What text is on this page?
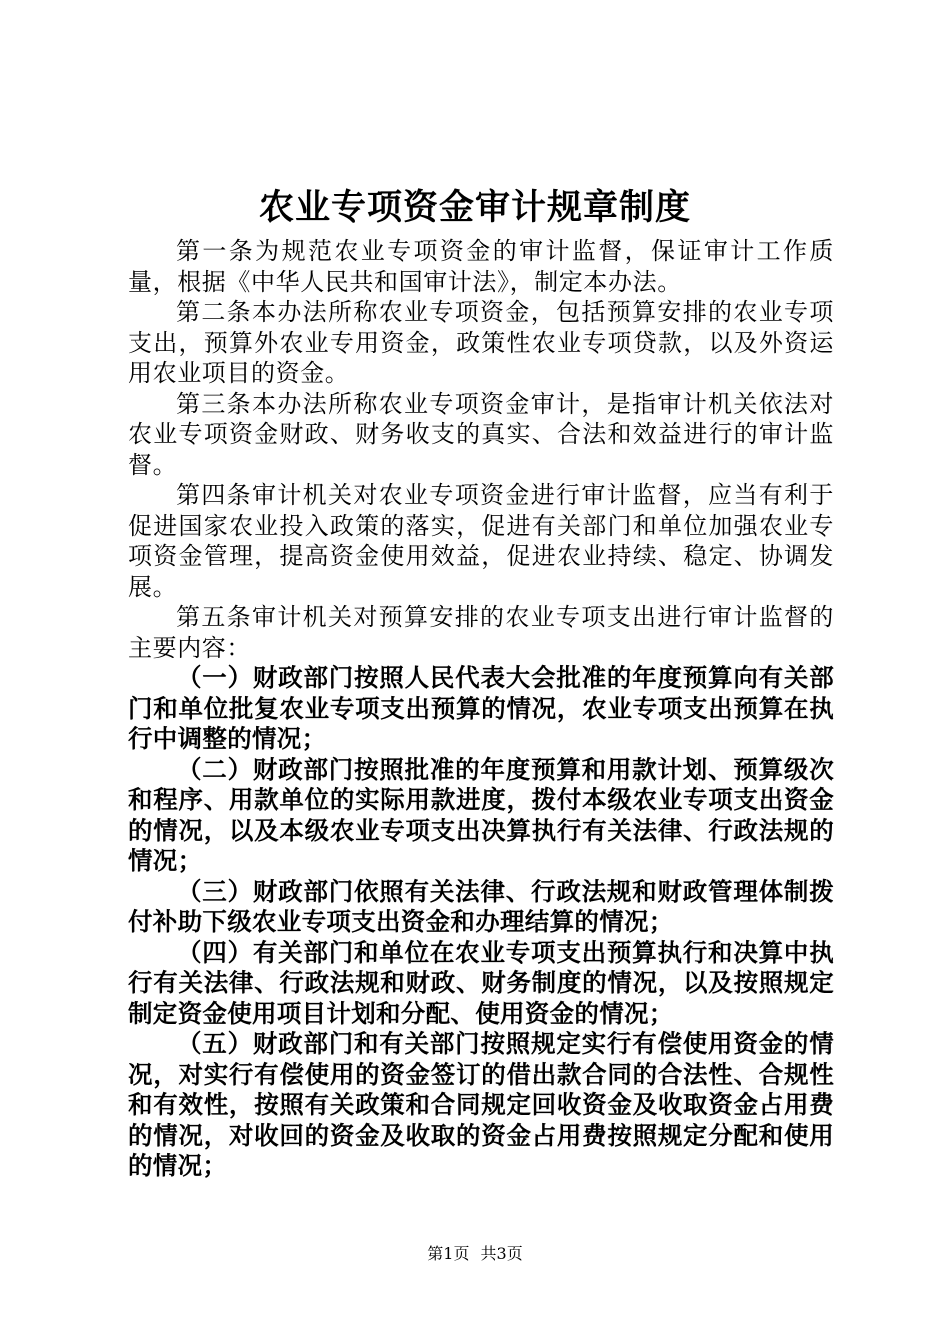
农业专项资金审计规章制度

第一条为规范农业专项资金的审计监督，保证审计工作质量，根据《中华人民共和国审计法》，制定本办法。

第二条本办法所称农业专项资金，包括预算安排的农业专项支出，预算外农业专用资金，政策性农业专项贷款，以及外资运用农业项目的资金。

第三条本办法所称农业专项资金审计，是指审计机关依法对农业专项资金财政、财务收支的真实、合法和效益进行的审计监督。

第四条审计机关对农业专项资金进行审计监督，应当有利于促进国家农业投入政策的落实，促进有关部门和单位加强农业专项资金管理，提高资金使用效益，促进农业持续、稳定、协调发展。

第五条审计机关对预算安排的农业专项支出进行审计监督的主要内容：

（一）财政部门按照人民代表大会批准的年度预算向有关部门和单位批复农业专项支出预算的情况，农业专项支出预算在执行中调整的情况；

（二）财政部门按照批准的年度预算和用款计划、预算级次和程序、用款单位的实际用款进度，拨付本级农业专项支出资金的情况，以及本级农业专项支出决算执行有关法律、行政法规的情况；

（三）财政部门依照有关法律、行政法规和财政管理体制拨付补助下级农业专项支出资金和办理结算的情况；

（四）有关部门和单位在农业专项支出预算执行和决算中执行有关法律、行政法规和财政、财务制度的情况，以及按照规定制定资金使用项目计划和分配、使用资金的情况；

（五）财政部门和有关部门按照规定实行有偿使用资金的情况，对实行有偿使用的资金签订的借出款合同的合法性、合规性和有效性，按照有关政策和合同规定回收资金及收取资金占用费的情况，对收回的资金及收取的资金占用费按照规定分配和使用的情况；

第1页 共3页
